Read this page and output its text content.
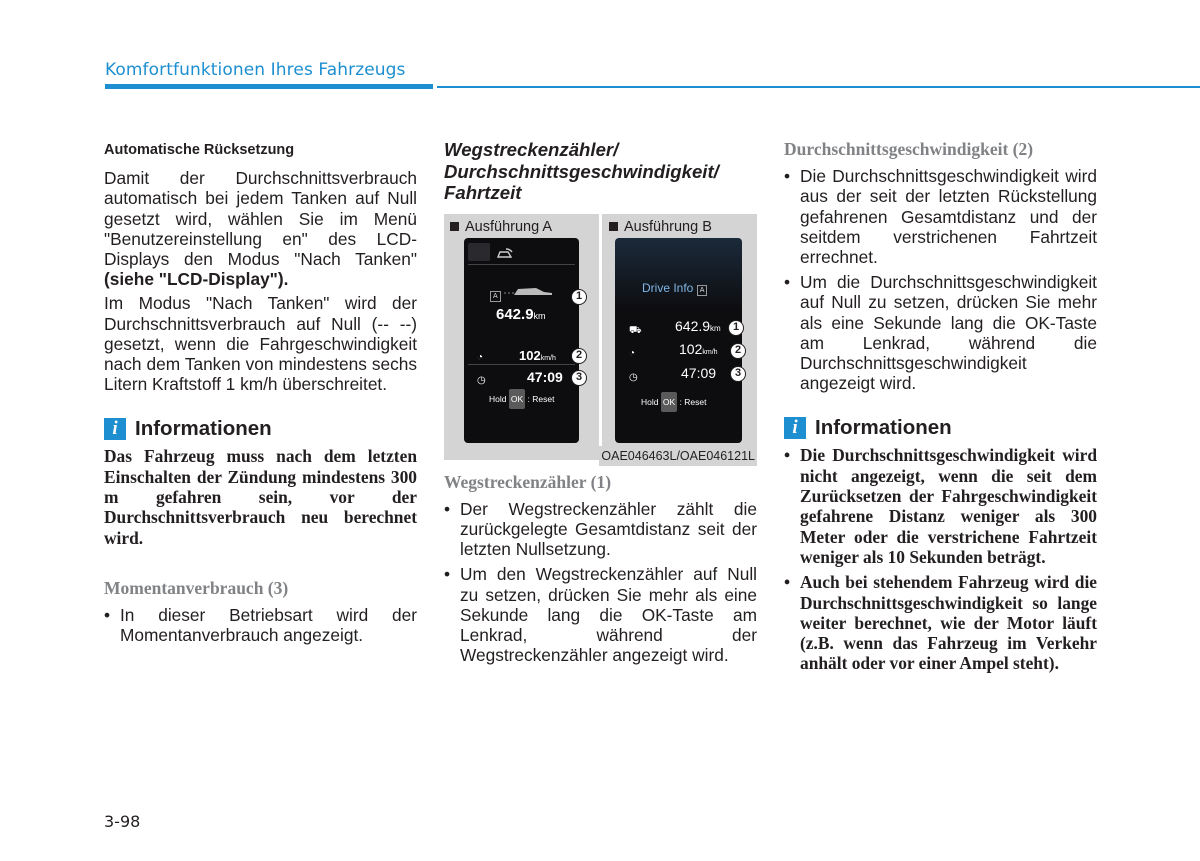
Komfortfunktionen Ihres Fahrzeugs
Automatische Rücksetzung
Damit der Durchschnittsverbrauch automatisch bei jedem Tanken auf Null gesetzt wird, wählen Sie im Menü "Benutzereinstellung en" des LCD-Displays den Modus "Nach Tanken" (siehe "LCD-Display").
Im Modus "Nach Tanken" wird der Durchschnittsverbrauch auf Null (-- --) gesetzt, wenn die Fahrgeschwindigkeit nach dem Tanken von mindestens sechs Litern Kraftstoff 1 km/h überschreitet.
i Informationen
Das Fahrzeug muss nach dem letzten Einschalten der Zündung mindestens 300 m gefahren sein, vor der Durchschnittsverbrauch neu berechnet wird.
Momentanverbrauch (3)
• In dieser Betriebsart wird der Momentanverbrauch angezeigt.
Wegstreckenzähler/ Durchschnittsgeschwindigkeit/ Fahrtzeit
Ausführung A	Ausführung B
A
642.9km
◔	102km/h
◷	47:09
Hold OK : Reset
1
2
3
Drive Info A
⛟ 642.9km
◔	102km/h
◷	47:09
Hold OK : Reset
1
2
3
OAE046463L/OAE046121L
Wegstreckenzähler (1)
• Der Wegstreckenzähler zählt die zurückgelegte Gesamtdistanz seit der letzten Nullsetzung.
• Um den Wegstreckenzähler auf Null zu setzen, drücken Sie mehr als eine Sekunde lang die OK-Taste am Lenkrad, während der Wegstreckenzähler angezeigt wird.
Durchschnittsgeschwindigkeit (2)
• Die Durchschnittsgeschwindigkeit wird aus der seit der letzten Rückstellung gefahrenen Gesamtdistanz und der seitdem verstrichenen Fahrtzeit errechnet.
• Um die Durchschnittsgeschwindigkeit auf Null zu setzen, drücken Sie mehr als eine Sekunde lang die OK-Taste am Lenkrad, während die Durchschnittsgeschwindigkeit angezeigt wird.
i Informationen
• Die Durchschnittsgeschwindigkeit wird nicht angezeigt, wenn die seit dem Zurücksetzen der Fahrgeschwindigkeit gefahrene Distanz weniger als 300 Meter oder die verstrichene Fahrtzeit weniger als 10 Sekunden beträgt.
• Auch bei stehendem Fahrzeug wird die Durchschnittsgeschwindigkeit so lange weiter berechnet, wie der Motor läuft (z.B. wenn das Fahrzeug im Verkehr anhält oder vor einer Ampel steht).
3-98
